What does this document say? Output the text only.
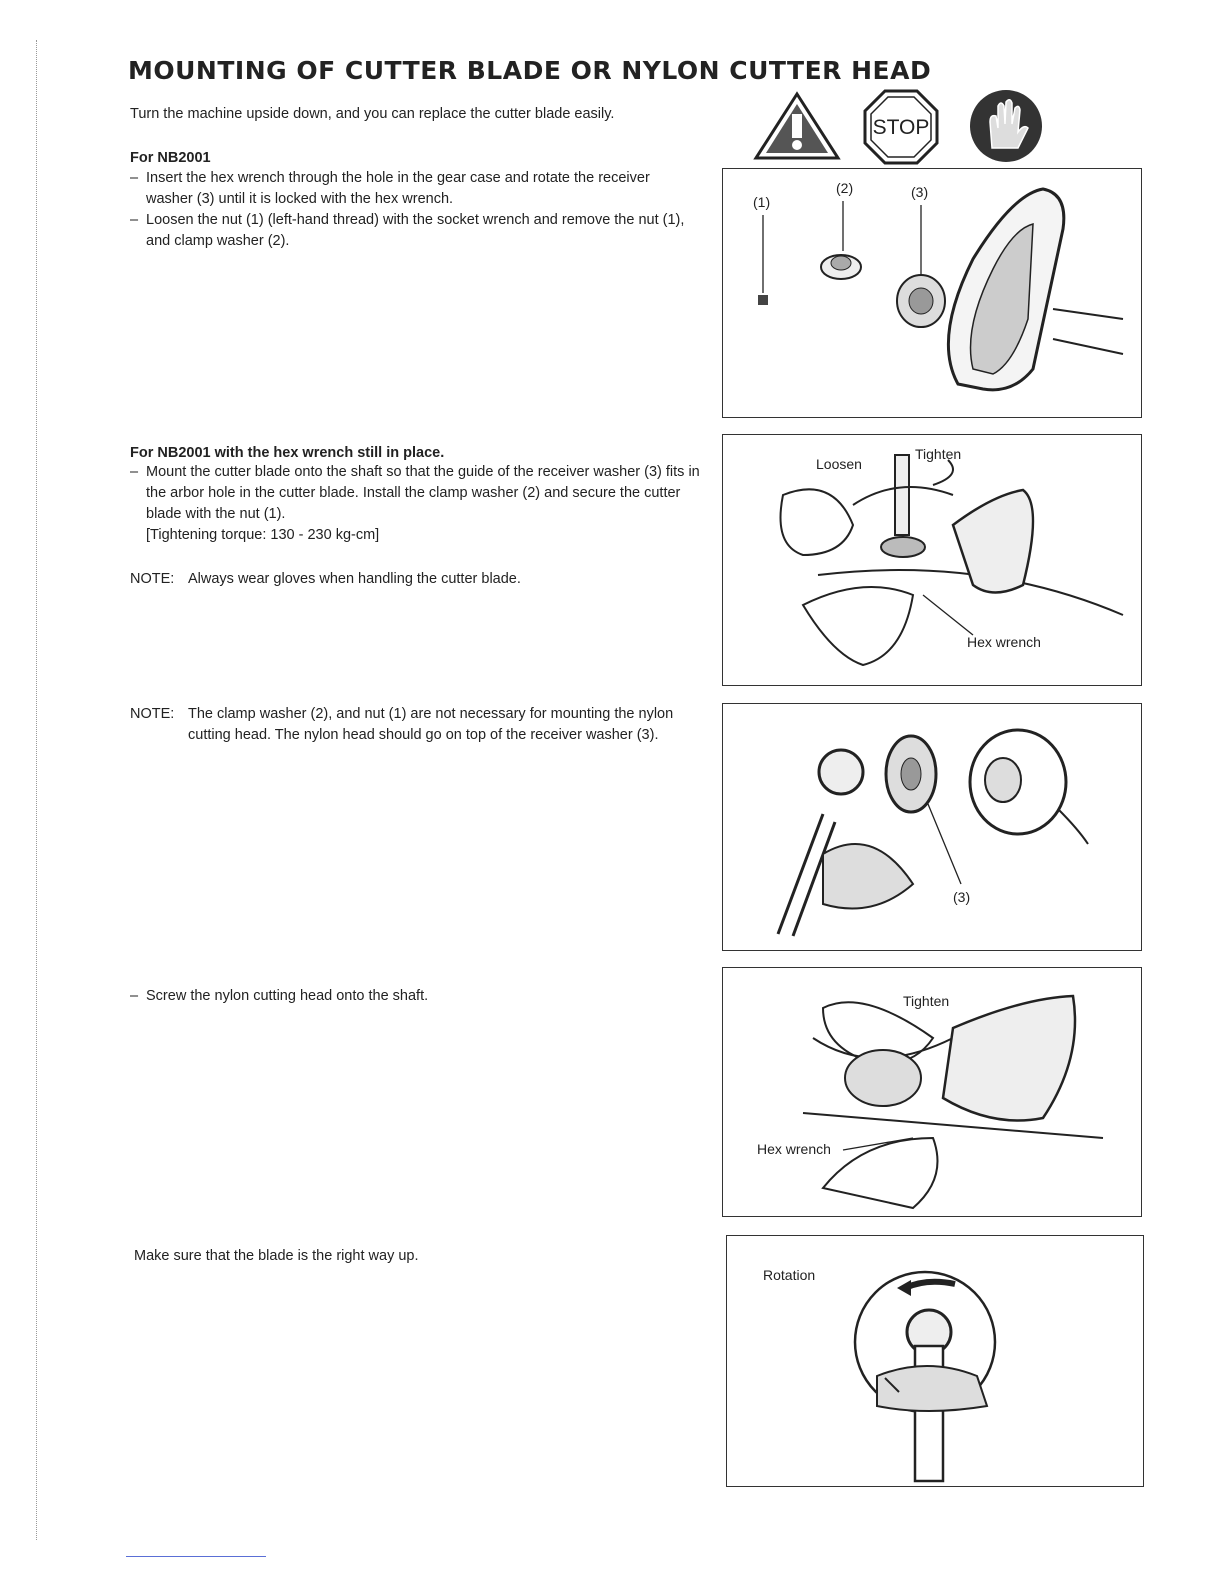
MOUNTING OF CUTTER BLADE OR NYLON CUTTER HEAD
Turn the machine upside down, and you can replace the cutter blade easily.
STOP
For NB2001
– Insert the hex wrench through the hole in the gear case and rotate the receiver washer (3) until it is locked with the hex wrench.
– Loosen the nut (1) (left-hand thread) with the socket wrench and remove the nut (1), and clamp washer (2).
For NB2001 with the hex wrench still in place.
– Mount the cutter blade onto the shaft so that the guide of the receiver washer (3) fits in the arbor hole in the cutter blade. Install the clamp washer (2) and secure the cutter blade with the nut (1).
[Tightening torque: 130 - 230 kg-cm]
NOTE: Always wear gloves when handling the cutter blade.
NOTE: The clamp washer (2), and nut (1) are not necessary for mounting the nylon cutting head. The nylon head should go on top of the receiver washer (3).
– Screw the nylon cutting head onto the shaft.
Make sure that the blade is the right way up.
(1)
(2)	(3)
Loosen
Tighten
Hex wrench
(3)
Tighten
Hex wrench
Rotation
